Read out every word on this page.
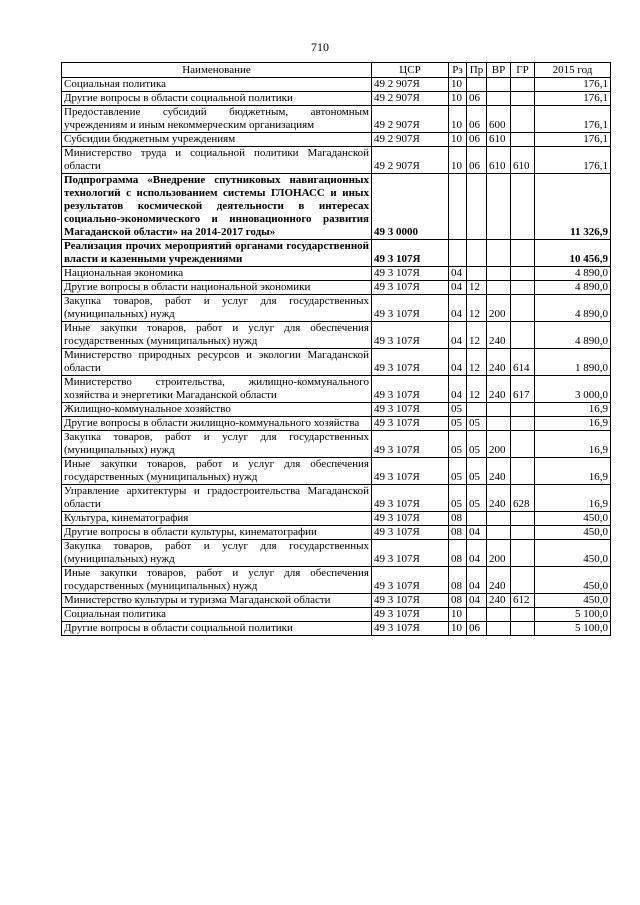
710
Наименование	ЦСР	Рз	Пр	ВР	ГР	2015 год
Социальная политика	49 2 907Я	10				176,1
Другие вопросы в области социальной политики	49 2 907Я	10	06			176,1
Предоставление субсидий бюджетным, автономным учреждениям и иным некоммерческим организациям	49 2 907Я	10	06	600		176,1
Субсидии бюджетным учреждениям	49 2 907Я	10	06	610		176,1
Министерство труда и социальной политики Магаданской области	49 2 907Я	10	06	610	610	176,1
Подпрограмма «Внедрение спутниковых навигационных технологий с использованием системы ГЛОНАСС и иных результатов космической деятельности в интересах социально-экономического и инновационного развития Магаданской области» на 2014-2017 годы»	49 3 0000					11 326,9
Реализация прочих мероприятий органами государственной власти и казенными учреждениями	49 3 107Я					10 456,9
Национальная экономика	49 3 107Я	04				4 890,0
Другие вопросы в области национальной экономики	49 3 107Я	04	12			4 890,0
Закупка товаров, работ и услуг для государственных (муниципальных) нужд	49 3 107Я	04	12	200		4 890,0
Иные закупки товаров, работ и услуг для обеспечения государственных (муниципальных) нужд	49 3 107Я	04	12	240		4 890,0
Министерство природных ресурсов и экологии Магаданской области	49 3 107Я	04	12	240	614	1 890,0
Министерство строительства, жилищно-коммунального хозяйства и энергетики Магаданской области	49 3 107Я	04	12	240	617	3 000,0
Жилищно-коммунальное хозяйство	49 3 107Я	05				16,9
Другие вопросы в области жилищно-коммунального хозяйства	49 3 107Я	05	05			16,9
Закупка товаров, работ и услуг для государственных (муниципальных) нужд	49 3 107Я	05	05	200		16,9
Иные закупки товаров, работ и услуг для обеспечения государственных (муниципальных) нужд	49 3 107Я	05	05	240		16,9
Управление архитектуры и градостроительства Магаданской области	49 3 107Я	05	05	240	628	16,9
Культура, кинематография	49 3 107Я	08				450,0
Другие вопросы в области культуры, кинематографии	49 3 107Я	08	04			450,0
Закупка товаров, работ и услуг для государственных (муниципальных) нужд	49 3 107Я	08	04	200		450,0
Иные закупки товаров, работ и услуг для обеспечения государственных (муниципальных) нужд	49 3 107Я	08	04	240		450,0
Министерство культуры и туризма Магаданской области	49 3 107Я	08	04	240	612	450,0
Социальная политика	49 3 107Я	10				5 100,0
Другие вопросы в области социальной политики	49 3 107Я	10	06			5 100,0
